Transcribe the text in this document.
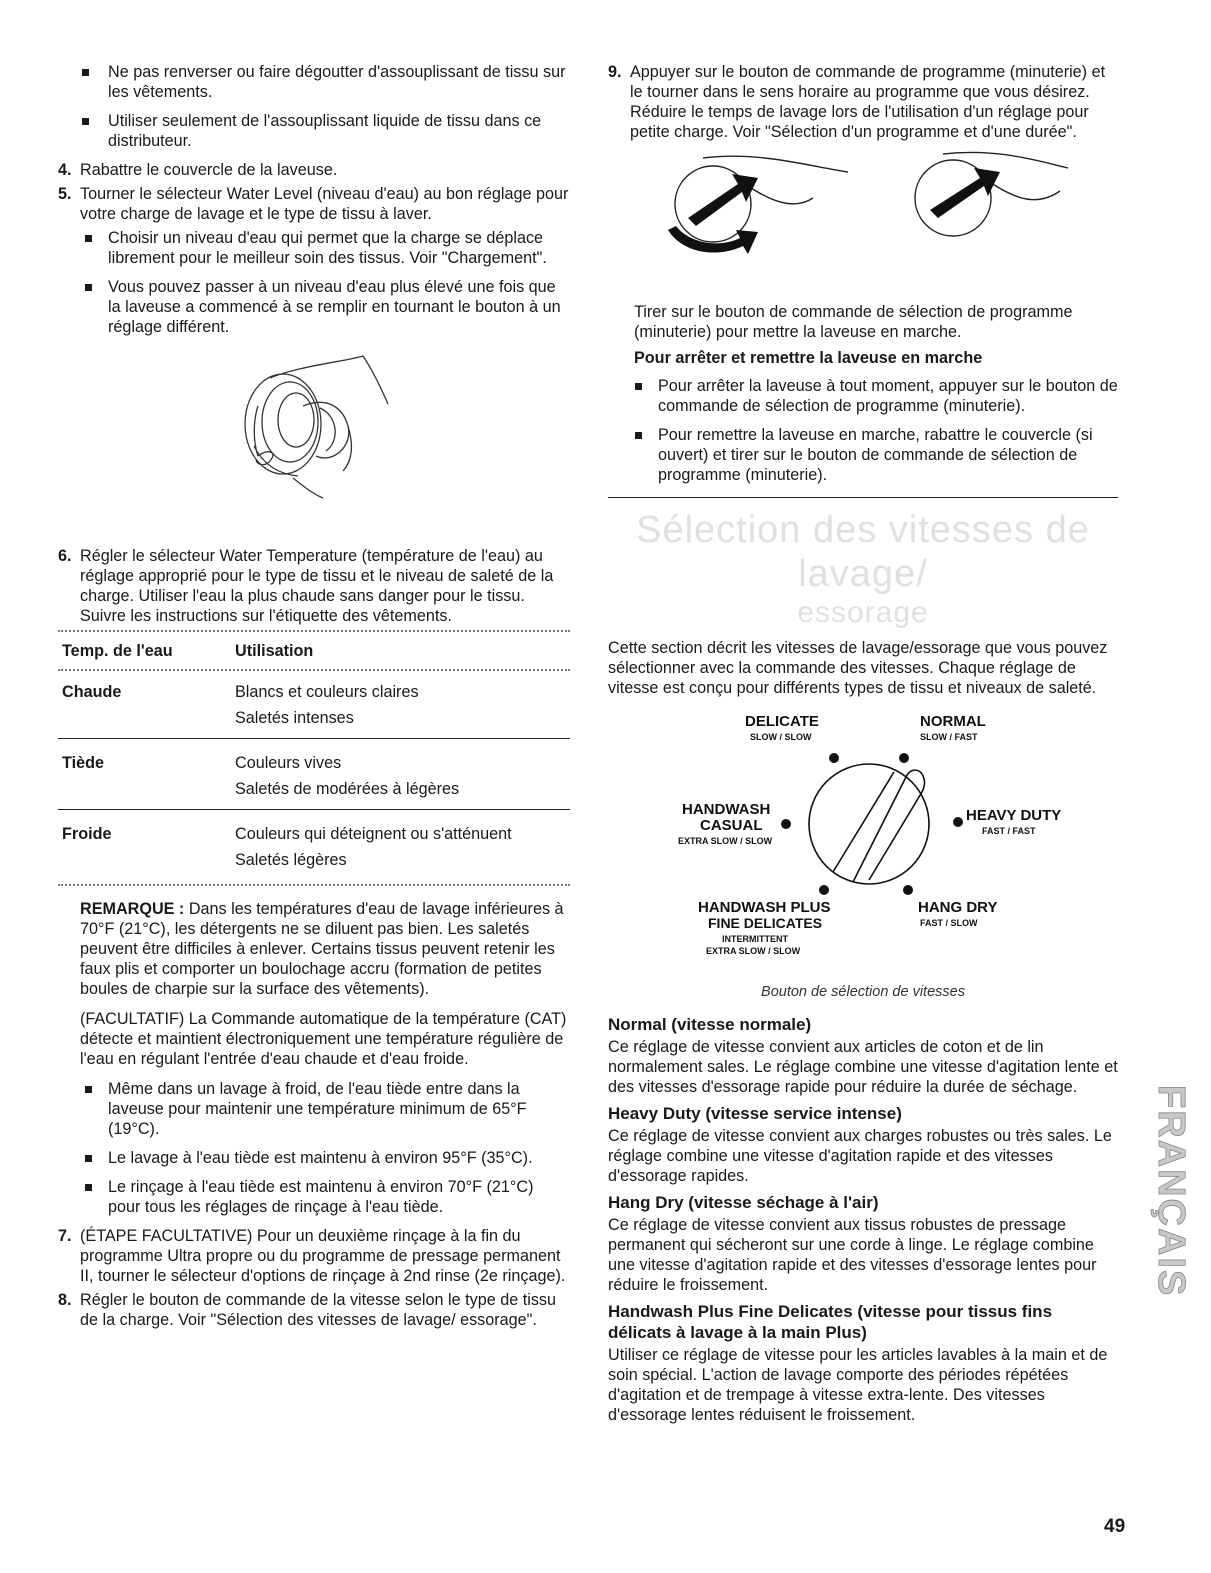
Ne pas renverser ou faire dégoutter d'assouplissant de tissu sur les vêtements.

Utiliser seulement de l'assouplissant liquide de tissu dans ce distributeur.

4. Rabattre le couvercle de la laveuse.

5. Tourner le sélecteur Water Level (niveau d'eau) au bon réglage pour votre charge de lavage et le type de tissu à laver.

Choisir un niveau d'eau qui permet que la charge se déplace librement pour le meilleur soin des tissus. Voir "Chargement".

Vous pouvez passer à un niveau d'eau plus élevé une fois que la laveuse a commencé à se remplir en tournant le bouton à un réglage différent.

6. Régler le sélecteur Water Temperature (température de l'eau) au réglage approprié pour le type de tissu et le niveau de saleté de la charge. Utiliser l'eau la plus chaude sans danger pour le tissu. Suivre les instructions sur l'étiquette des vêtements.

Temp. de l'eau	Utilisation
Chaude	Blancs et couleurs claires
Saletés intenses
Tiède	Couleurs vives
Saletés de modérées à légères
Froide	Couleurs qui déteignent ou s'atténuent
Saletés légères

REMARQUE : Dans les températures d'eau de lavage inférieures à 70°F (21°C), les détergents ne se diluent pas bien. Les saletés peuvent être difficiles à enlever. Certains tissus peuvent retenir les faux plis et comporter un boulochage accru (formation de petites boules de charpie sur la surface des vêtements).

(FACULTATIF) La Commande automatique de la température (CAT) détecte et maintient électroniquement une température régulière de l'eau en régulant l'entrée d'eau chaude et d'eau froide.

Même dans un lavage à froid, de l'eau tiède entre dans la laveuse pour maintenir une température minimum de 65°F (19°C).

Le lavage à l'eau tiède est maintenu à environ 95°F (35°C).

Le rinçage à l'eau tiède est maintenu à environ 70°F (21°C) pour tous les réglages de rinçage à l'eau tiède.

7. (ÉTAPE FACULTATIVE) Pour un deuxième rinçage à la fin du programme Ultra propre ou du programme de pressage permanent II, tourner le sélecteur d'options de rinçage à 2nd rinse (2e rinçage).

8. Régler le bouton de commande de la vitesse selon le type de tissu de la charge. Voir "Sélection des vitesses de lavage/ essorage".

9. Appuyer sur le bouton de commande de programme (minuterie) et le tourner dans le sens horaire au programme que vous désirez. Réduire le temps de lavage lors de l'utilisation d'un réglage pour petite charge. Voir "Sélection d'un programme et d'une durée".

Tirer sur le bouton de commande de sélection de programme (minuterie) pour mettre la laveuse en marche.

Pour arrêter et remettre la laveuse en marche

Pour arrêter la laveuse à tout moment, appuyer sur le bouton de commande de sélection de programme (minuterie).

Pour remettre la laveuse en marche, rabattre le couvercle (si ouvert) et tirer sur le bouton de commande de sélection de programme (minuterie).

Sélection des vitesses de lavage/
essorage

Cette section décrit les vitesses de lavage/essorage que vous pouvez sélectionner avec la commande des vitesses. Chaque réglage de vitesse est conçu pour différents types de tissu et niveaux de saleté.

DELICATE
SLOW / SLOW
NORMAL
SLOW / FAST
HANDWASH
CASUAL
EXTRA SLOW / SLOW
HEAVY DUTY
FAST / FAST
HANDWASH PLUS
FINE DELICATES
INTERMITTENT
EXTRA SLOW / SLOW
HANG DRY
FAST / SLOW

Bouton de sélection de vitesses

Normal (vitesse normale)

Ce réglage de vitesse convient aux articles de coton et de lin normalement sales. Le réglage combine une vitesse d'agitation lente et des vitesses d'essorage rapide pour réduire la durée de séchage.

Heavy Duty (vitesse service intense)

Ce réglage de vitesse convient aux charges robustes ou très sales. Le réglage combine une vitesse d'agitation rapide et des vitesses d'essorage rapides.

Hang Dry (vitesse séchage à l'air)

Ce réglage de vitesse convient aux tissus robustes de pressage permanent qui sécheront sur une corde à linge. Le réglage combine une vitesse d'agitation rapide et des vitesses d'essorage lentes pour réduire le froissement.

Handwash Plus Fine Delicates (vitesse pour tissus fins délicats à lavage à la main Plus)

Utiliser ce réglage de vitesse pour les articles lavables à la main et de soin spécial. L'action de lavage comporte des périodes répétées d'agitation et de trempage à vitesse extra-lente. Des vitesses d'essorage lentes réduisent le froissement.

FRANÇAIS
49
